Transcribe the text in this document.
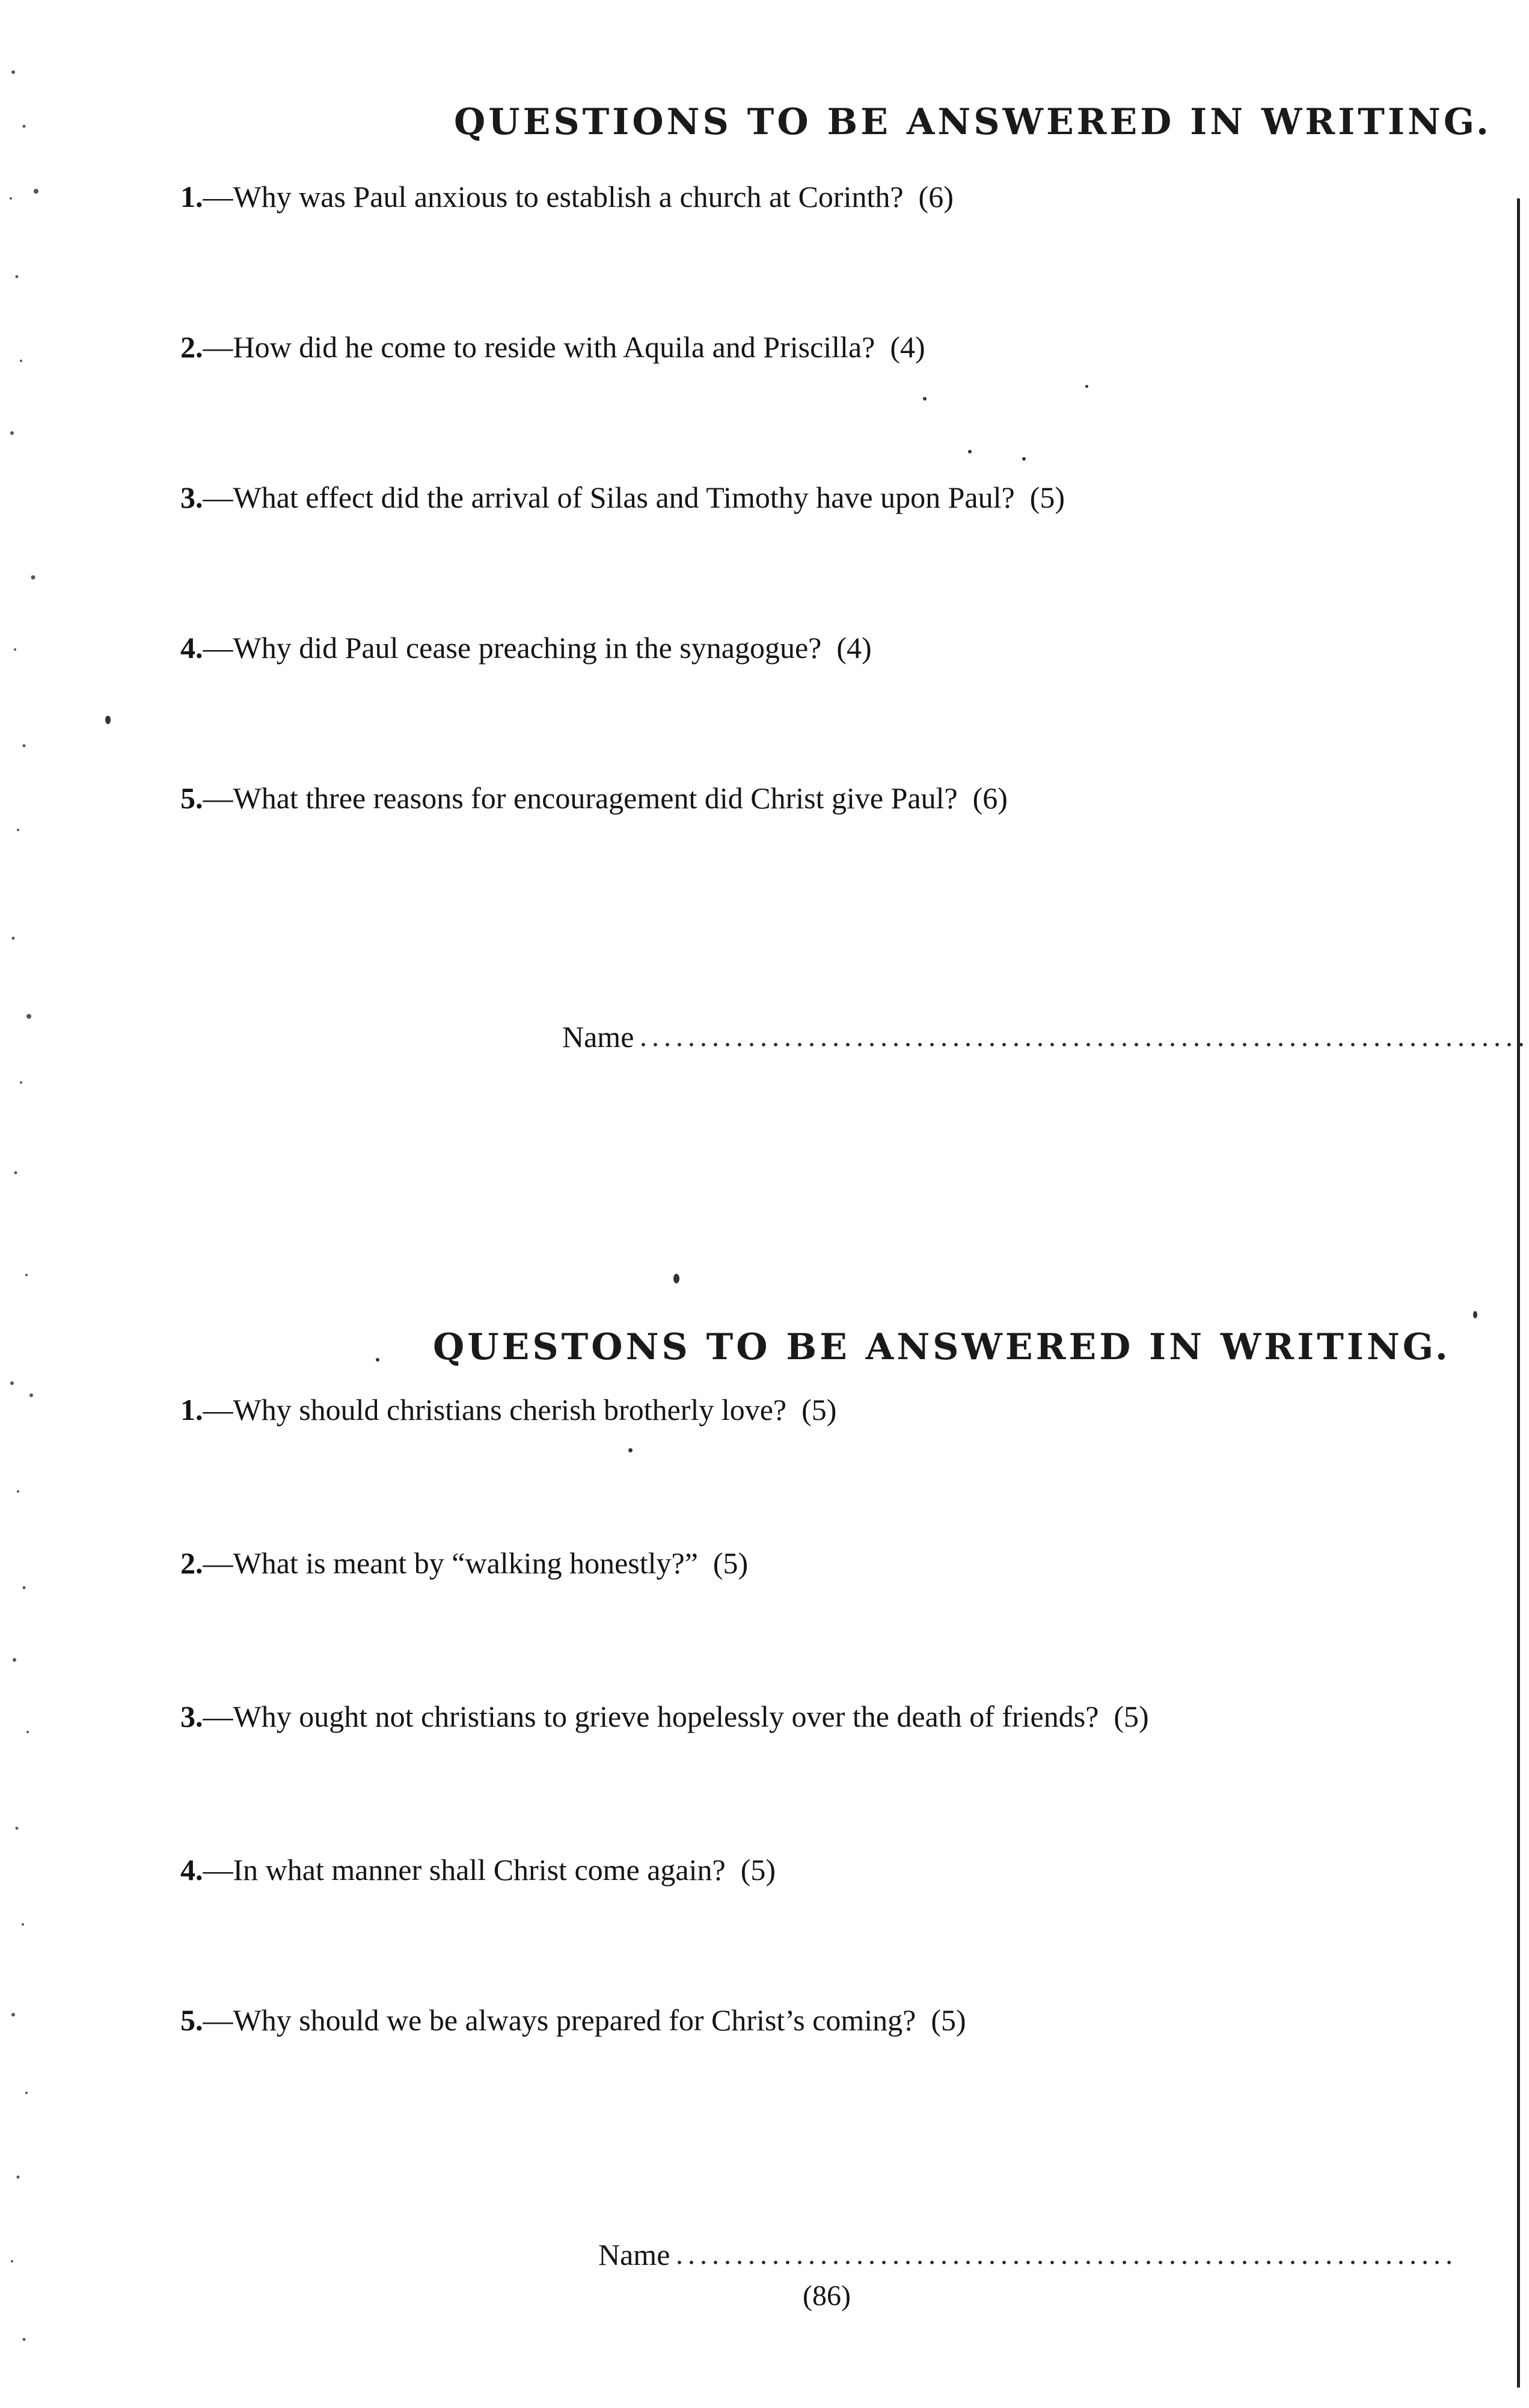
QUESTIONS TO BE ANSWERED IN WRITING.
1.—Why was Paul anxious to establish a church at Corinth? (6)
2.—How did he come to reside with Aquila and Priscilla? (4)
3.—What effect did the arrival of Silas and Timothy have upon Paul? (5)
4.—Why did Paul cease preaching in the synagogue? (4)
5.—What three reasons for encouragement did Christ give Paul? (6)
Name
QUESTONS TO BE ANSWERED IN WRITING.
1.—Why should christians cherish brotherly love? (5)
2.—What is meant by “walking honestly?” (5)
3.—Why ought not christians to grieve hopelessly over the death of friends? (5)
4.—In what manner shall Christ come again? (5)
5.—Why should we be always prepared for Christ’s coming? (5)
Name
(86)
